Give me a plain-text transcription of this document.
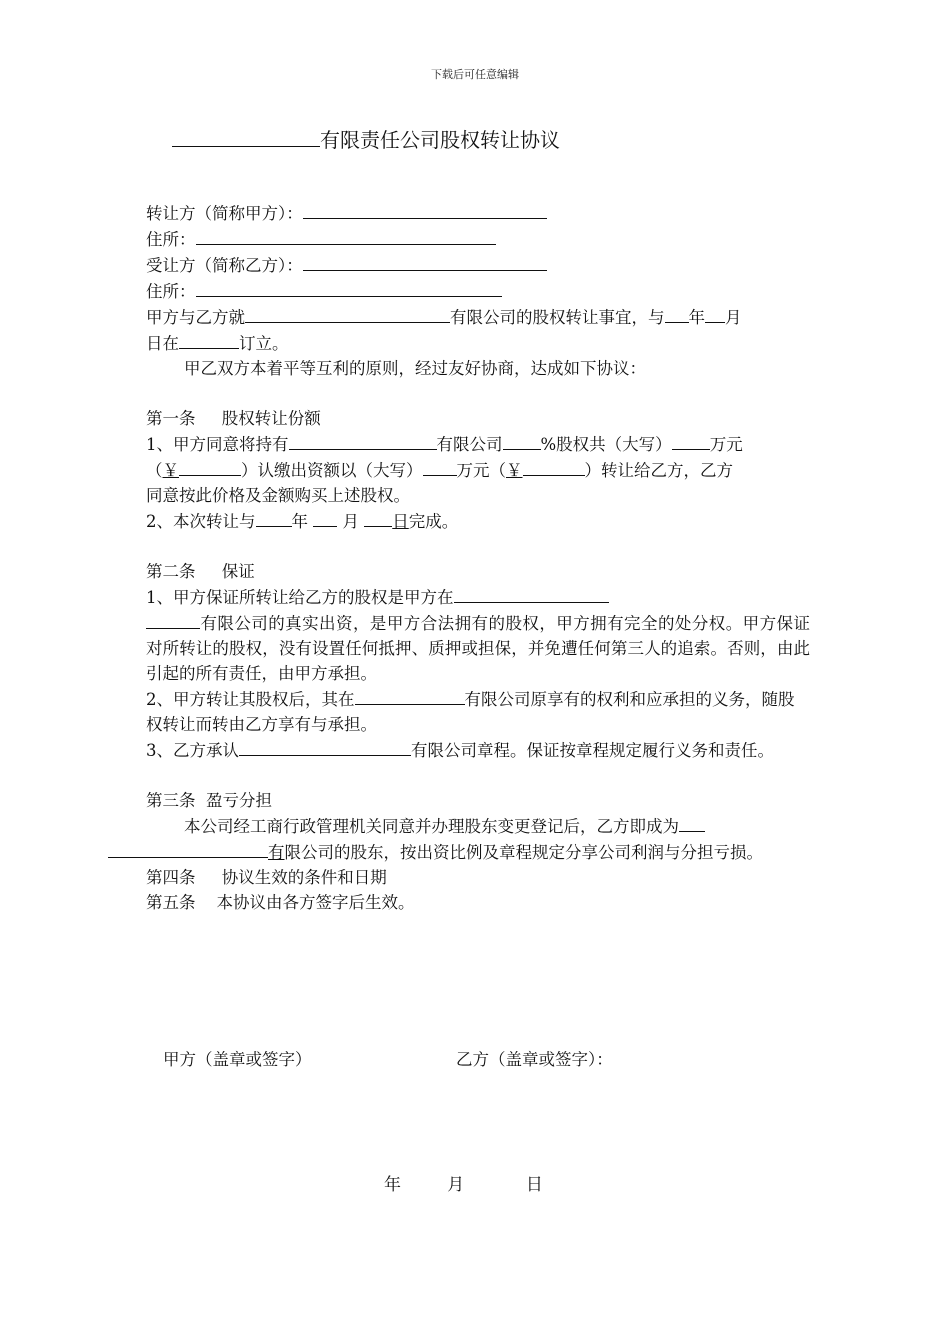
下载后可任意编辑
有限责任公司股权转让协议

转让方（简称甲方）：

住所：

受让方（简称乙方）：

住所：

甲方与乙方就	有限公司的股权转让事宜，与 年 月

日在	订立。

甲乙双方本着平等互利的原则，经过友好协商，达成如下协议：

第一条     股权转让份额

1、甲方同意将持有	有限公司 %股权共（大写） 万元
（￥	）认缴出资额以（大写） 万元（￥	）转让给乙方，乙方
同意按此价格及金额购买上述股权。

2、本次转让与 年 月 日完成。

第二条     保证

1、甲方保证所转让给乙方的股权是甲方在
有限公司的真实出资，是甲方合法拥有的股权，甲方拥有完全的处分权。甲方保证对所转让的股权，没有设置任何抵押、质押或担保，并免遭任何第三人的追索。否则，由此引起的所有责任，由甲方承担。

2、甲方转让其股权后，其在	有限公司原享有的权利和应承担的义务，随股权转让而转由乙方享有与承担。

3、乙方承认	有限公司章程。保证按章程规定履行义务和责任。

第三条  盈亏分担

本公司经工商行政管理机关同意并办理股东变更登记后，乙方即成为
有限公司的股东，按出资比例及章程规定分享公司利润与分担亏损。

第四条     协议生效的条件和日期

第五条    本协议由各方签字后生效。

甲方（盖章或签字）	乙方（盖章或签字）：
年   月    日
